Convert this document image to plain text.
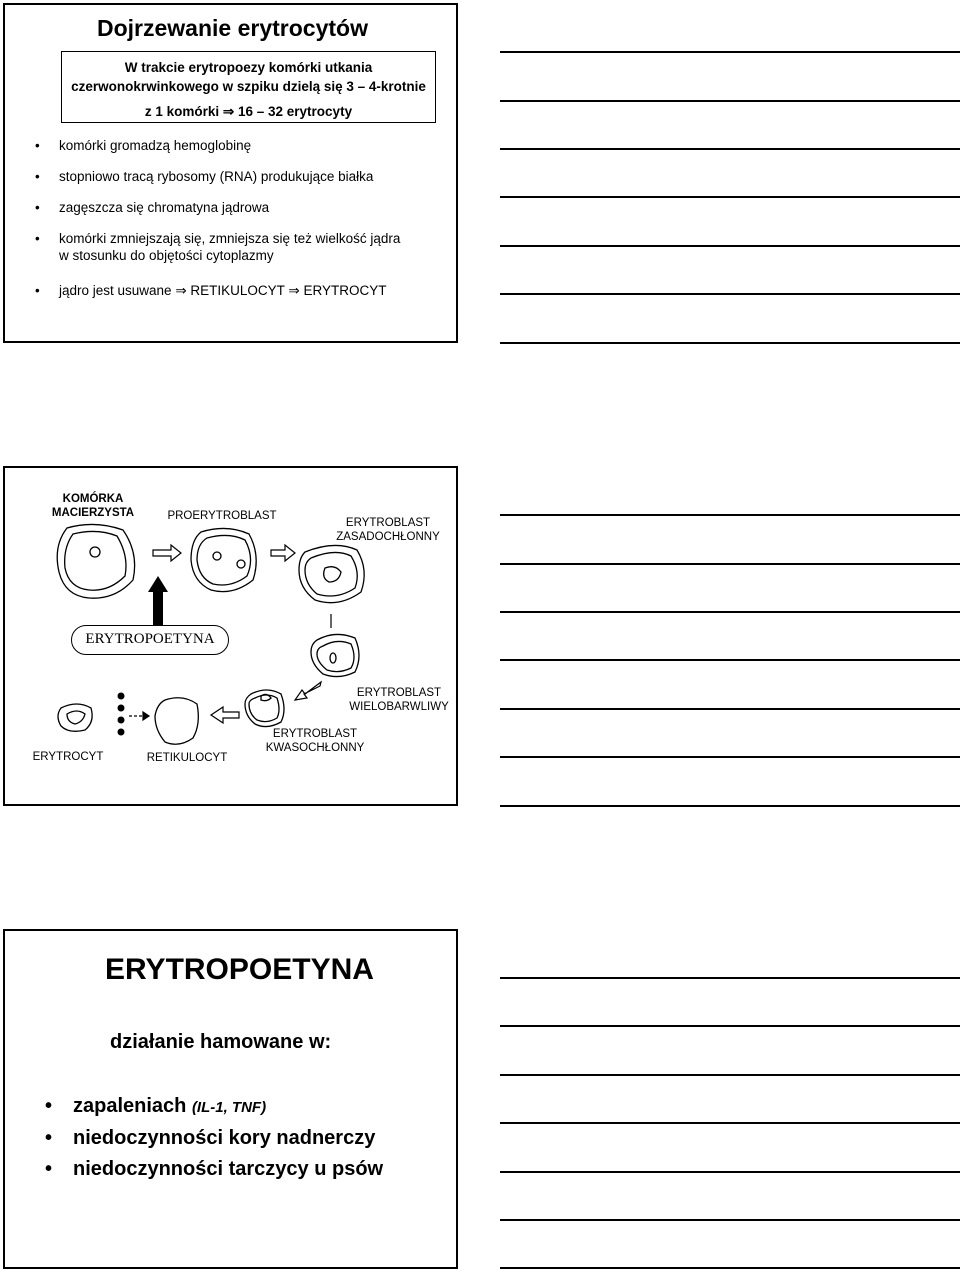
Dojrzewanie erytrocytów
W trakcie erytropoezy komórki utkania
czerwonokrwinkowego w szpiku dzielą się 3 – 4-krotnie
z 1 komórki ⇒ 16 – 32 erytrocyty
• komórki gromadzą hemoglobinę
• stopniowo tracą rybosomy (RNA) produkujące białka
• zagęszcza się chromatyna jądrowa
• komórki zmniejszają się, zmniejsza się też wielkość jądra
w stosunku do objętości cytoplazmy
• jądro jest usuwane ⇒ RETIKULOCYT ⇒ ERYTROCYT
KOMÓRKA
MACIERZYSTA	PROERYTROBLAST
ERYTROBLAST
ZASADOCHŁONNY
ERYTROPOETYNA
ERYTROBLAST
WIELOBARWLIWY
ERYTROBLAST
KWASOCHŁONNY
ERYTROCYT	RETIKULOCYT
ERYTROPOETYNA
działanie hamowane w:
• zapaleniach (IL-1, TNF)
• niedoczynności kory nadnerczy
• niedoczynności tarczycy u psów
